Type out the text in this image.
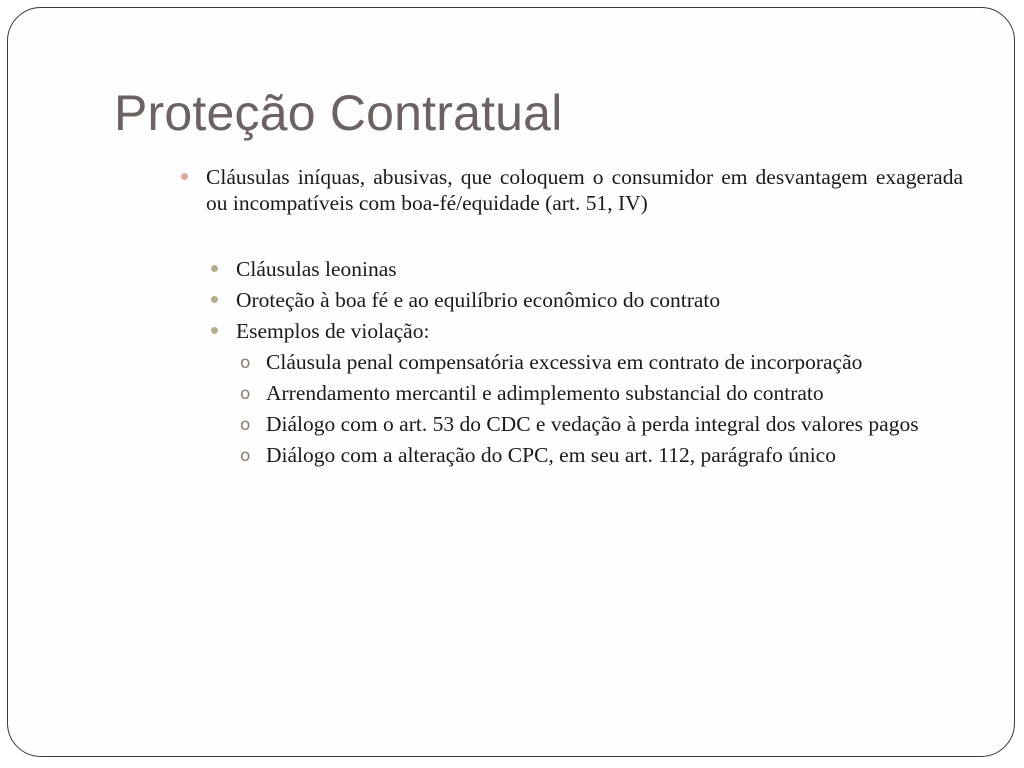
Proteção Contratual
Cláusulas iníquas, abusivas, que coloquem o consumidor em desvantagem exagerada ou incompatíveis com boa-fé/equidade (art. 51, IV)
Cláusulas leoninas
Oroteção à boa fé e ao equilíbrio econômico do contrato
Esemplos de violação:
o Cláusula penal compensatória excessiva em contrato de incorporação
o Arrendamento mercantil e adimplemento substancial do contrato
o Diálogo com o art. 53 do CDC e vedação à perda integral dos valores pagos
o Diálogo com a alteração do CPC, em seu art. 112, parágrafo único
